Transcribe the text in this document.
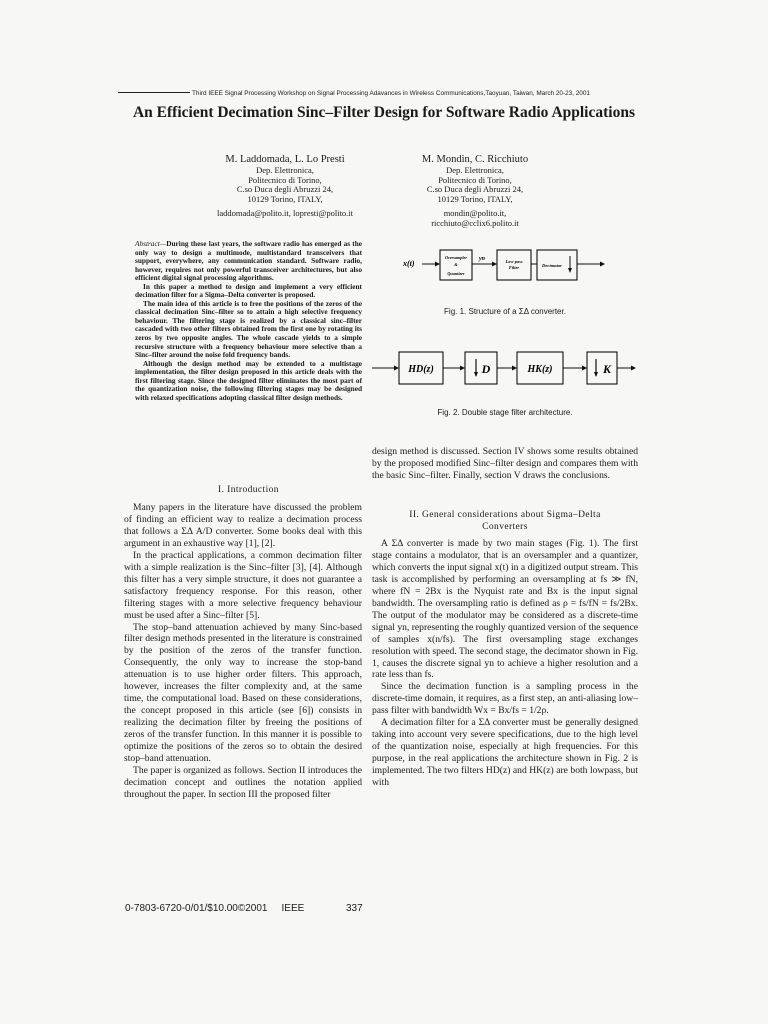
Third IEEE Signal Processing Workshop on Signal Processing Adavances in Wireless Communications,Taoyuan, Taiwan, March 20-23, 2001
An Efficient Decimation Sinc–Filter Design for Software Radio Applications
M. Laddomada, L. Lo Presti
Dep. Elettronica,
Politecnico di Torino,
C.so Duca degli Abruzzi 24,
10129 Torino, ITALY,
laddomada@polito.it, lopresti@polito.it
M. Mondin, C. Ricchiuto
Dep. Elettronica,
Politecnico di Torino,
C.so Duca degli Abruzzi 24,
10129 Torino, ITALY,
mondin@polito.it,
ricchiuto@cclix6.polito.it

Abstract—During these last years, the software radio has emerged as the only way to design a multimode, multistandard transceivers that support, everywhere, any communication standard. Software radio, however, requires not only powerful transceiver architectures, but also efficient digital signal processing algorithms.

In this paper a method to design and implement a very efficient decimation filter for a Sigma–Delta converter is proposed.

The main idea of this article is to free the positions of the zeros of the classical decimation Sinc–filter so to attain a high selective frequency behaviour. The filtering stage is realized by a classical sinc–filter cascaded with two other filters obtained from the first one by rotating its zeros by two opposite angles. The whole cascade yields to a simple recursive structure with a frequency behaviour more selective than a Sinc–filter around the noise fold frequency bands.

Although the design method may be extended to a multistage implementation, the filter design proposed in this article deals with the first filtering stage. Since the designed filter eliminates the most part of the quantization noise, the following filtering stages may be designed with relaxed specifications adopting classical filter design methods.

I. Introduction

Many papers in the literature have discussed the problem of finding an efficient way to realize a decimation process that follows a ΣΔ A/D converter. Some books deal with this argument in an exhaustive way [1], [2].

In the practical applications, a common decimation filter with a simple realization is the Sinc–filter [3], [4]. Although this filter has a very simple structure, it does not guarantee a satisfactory frequency response. For this reason, other filtering stages with a more selective frequency behaviour must be used after a Sinc–filter [5].

The stop–band attenuation achieved by many Sinc-based filter design methods presented in the literature is constrained by the position of the zeros of the transfer function. Consequently, the only way to increase the stop-band attenuation is to use higher order filters. This approach, however, increases the filter complexity and, at the same time, the computational load. Based on these considerations, the concept proposed in this article (see [6]) consists in realizing the decimation filter by freeing the positions of zeros of the transfer function. In this manner it is possible to optimize the positions of the zeros so to obtain the desired stop–band attenuation.

The paper is organized as follows. Section II introduces the decimation concept and outlines the notation applied throughout the paper. In section III the proposed filter

x(t)
Oversampler
&
Quantizer
yn	Low-pass
Filter	Decimator
Fig. 1. Structure of a ΣΔ converter.
HD(z)	D	HK(z)	K
Fig. 2. Double stage filter architecture.

design method is discussed. Section IV shows some results obtained by the proposed modified Sinc–filter design and compares them with the basic Sinc–filter. Finally, section V draws the conclusions.

II. General considerations about Sigma–Delta
Converters

A ΣΔ converter is made by two main stages (Fig. 1). The first stage contains a modulator, that is an oversampler and a quantizer, which converts the input signal x(t) in a digitized output stream. This task is accomplished by performing an oversampling at fs ≫ fN, where fN = 2Bx is the Nyquist rate and Bx is the input signal bandwidth. The oversampling ratio is defined as ρ = fs/fN = fs/2Bx. The output of the modulator may be considered as a discrete-time signal yn, representing the roughly quantized version of the sequence of samples x(n/fs). The first oversampling stage exchanges resolution with speed. The second stage, the decimator shown in Fig. 1, causes the discrete signal yn to achieve a higher resolution and a rate less than fs.

Since the decimation function is a sampling process in the discrete-time domain, it requires, as a first step, an anti-aliasing low–pass filter with bandwidth Wx = Bx/fs = 1/2ρ.

A decimation filter for a ΣΔ converter must be generally designed taking into account very severe specifications, due to the high level of the quantization noise, especially at high frequencies. For this purpose, in the real applications the architecture shown in Fig. 2 is implemented. The two filters HD(z) and HK(z) are both lowpass, but with

0-7803-6720-0/01/$10.00©2001 IEEE	337
